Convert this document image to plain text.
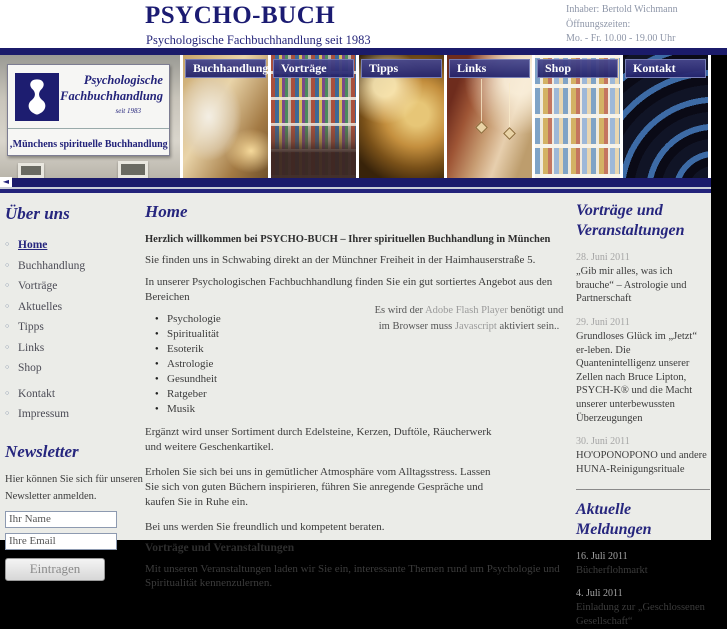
PSYCHO-BUCH
Psychologische Fachbuchhandlung seit 1983
Inhaber: Bertold Wichmann
Öffnungszeiten:
Mo. - Fr. 10.00 - 19.00 Uhr
Psychologische
Fachbuchhandlung
seit 1983
‚Münchens spirituelle Buchhandlung
Buchhandlung	Vorträge	Tipps	Links	Shop	Kontakt
◄
Über uns
○ Home
○ Buchhandlung
○ Vorträge
○ Aktuelles
○ Tipps
○ Links
○ Shop
○ Kontakt
○ Impressum
Newsletter
Hier können Sie sich für unseren
Newsletter anmelden.
Ihr Name
Ihre Email
Eintragen
Home
Herzlich willkommen bei PSYCHO-BUCH – Ihrer spirituellen Buchhandlung in München

Sie finden uns in Schwabing direkt an der Münchner Freiheit in der Haimhauserstraße 5.

In unserer Psychologischen Fachbuchhandlung finden Sie ein gut sortiertes Angebot aus den Bereichen

● Psychologie
● Spiritualität
● Esoterik
● Astrologie
● Gesundheit
● Ratgeber
● Musik
Es wird der Adobe Flash Player benötigt und im Browser muss Javascript aktiviert sein..

Ergänzt wird unser Sortiment durch Edelsteine, Kerzen, Duftöle, Räucherwerk und weitere Geschenkartikel.

Erholen Sie sich bei uns in gemütlicher Atmosphäre vom Alltagsstress. Lassen Sie sich von guten Büchern inspirieren, führen Sie anregende Gespräche und kaufen Sie in Ruhe ein.

Bei uns werden Sie freundlich und kompetent beraten.

Vorträge und Veranstaltungen

Mit unseren Veranstaltungen laden wir Sie ein, interessante Themen rund um Psychologie und Spiritualität kennenzulernen.

Vorträge und Veranstaltungen
28. Juni 2011
„Gib mir alles, was ich brauche“ – Astrologie und Partnerschaft
29. Juni 2011
Grundloses Glück im „Jetzt“ er-leben. Die Quantenintelligenz unserer Zellen nach Bruce Lipton, PSYCH-K® und die Macht unserer unterbewussten Überzeugungen
30. Juni 2011
HO'OPONOPONO und andere HUNA-Reinigungsrituale
Aktuelle Meldungen
16. Juli 2011
Bücherflohmarkt
4. Juli 2011
Einladung zur „Geschlossenen Gesellschaft“
